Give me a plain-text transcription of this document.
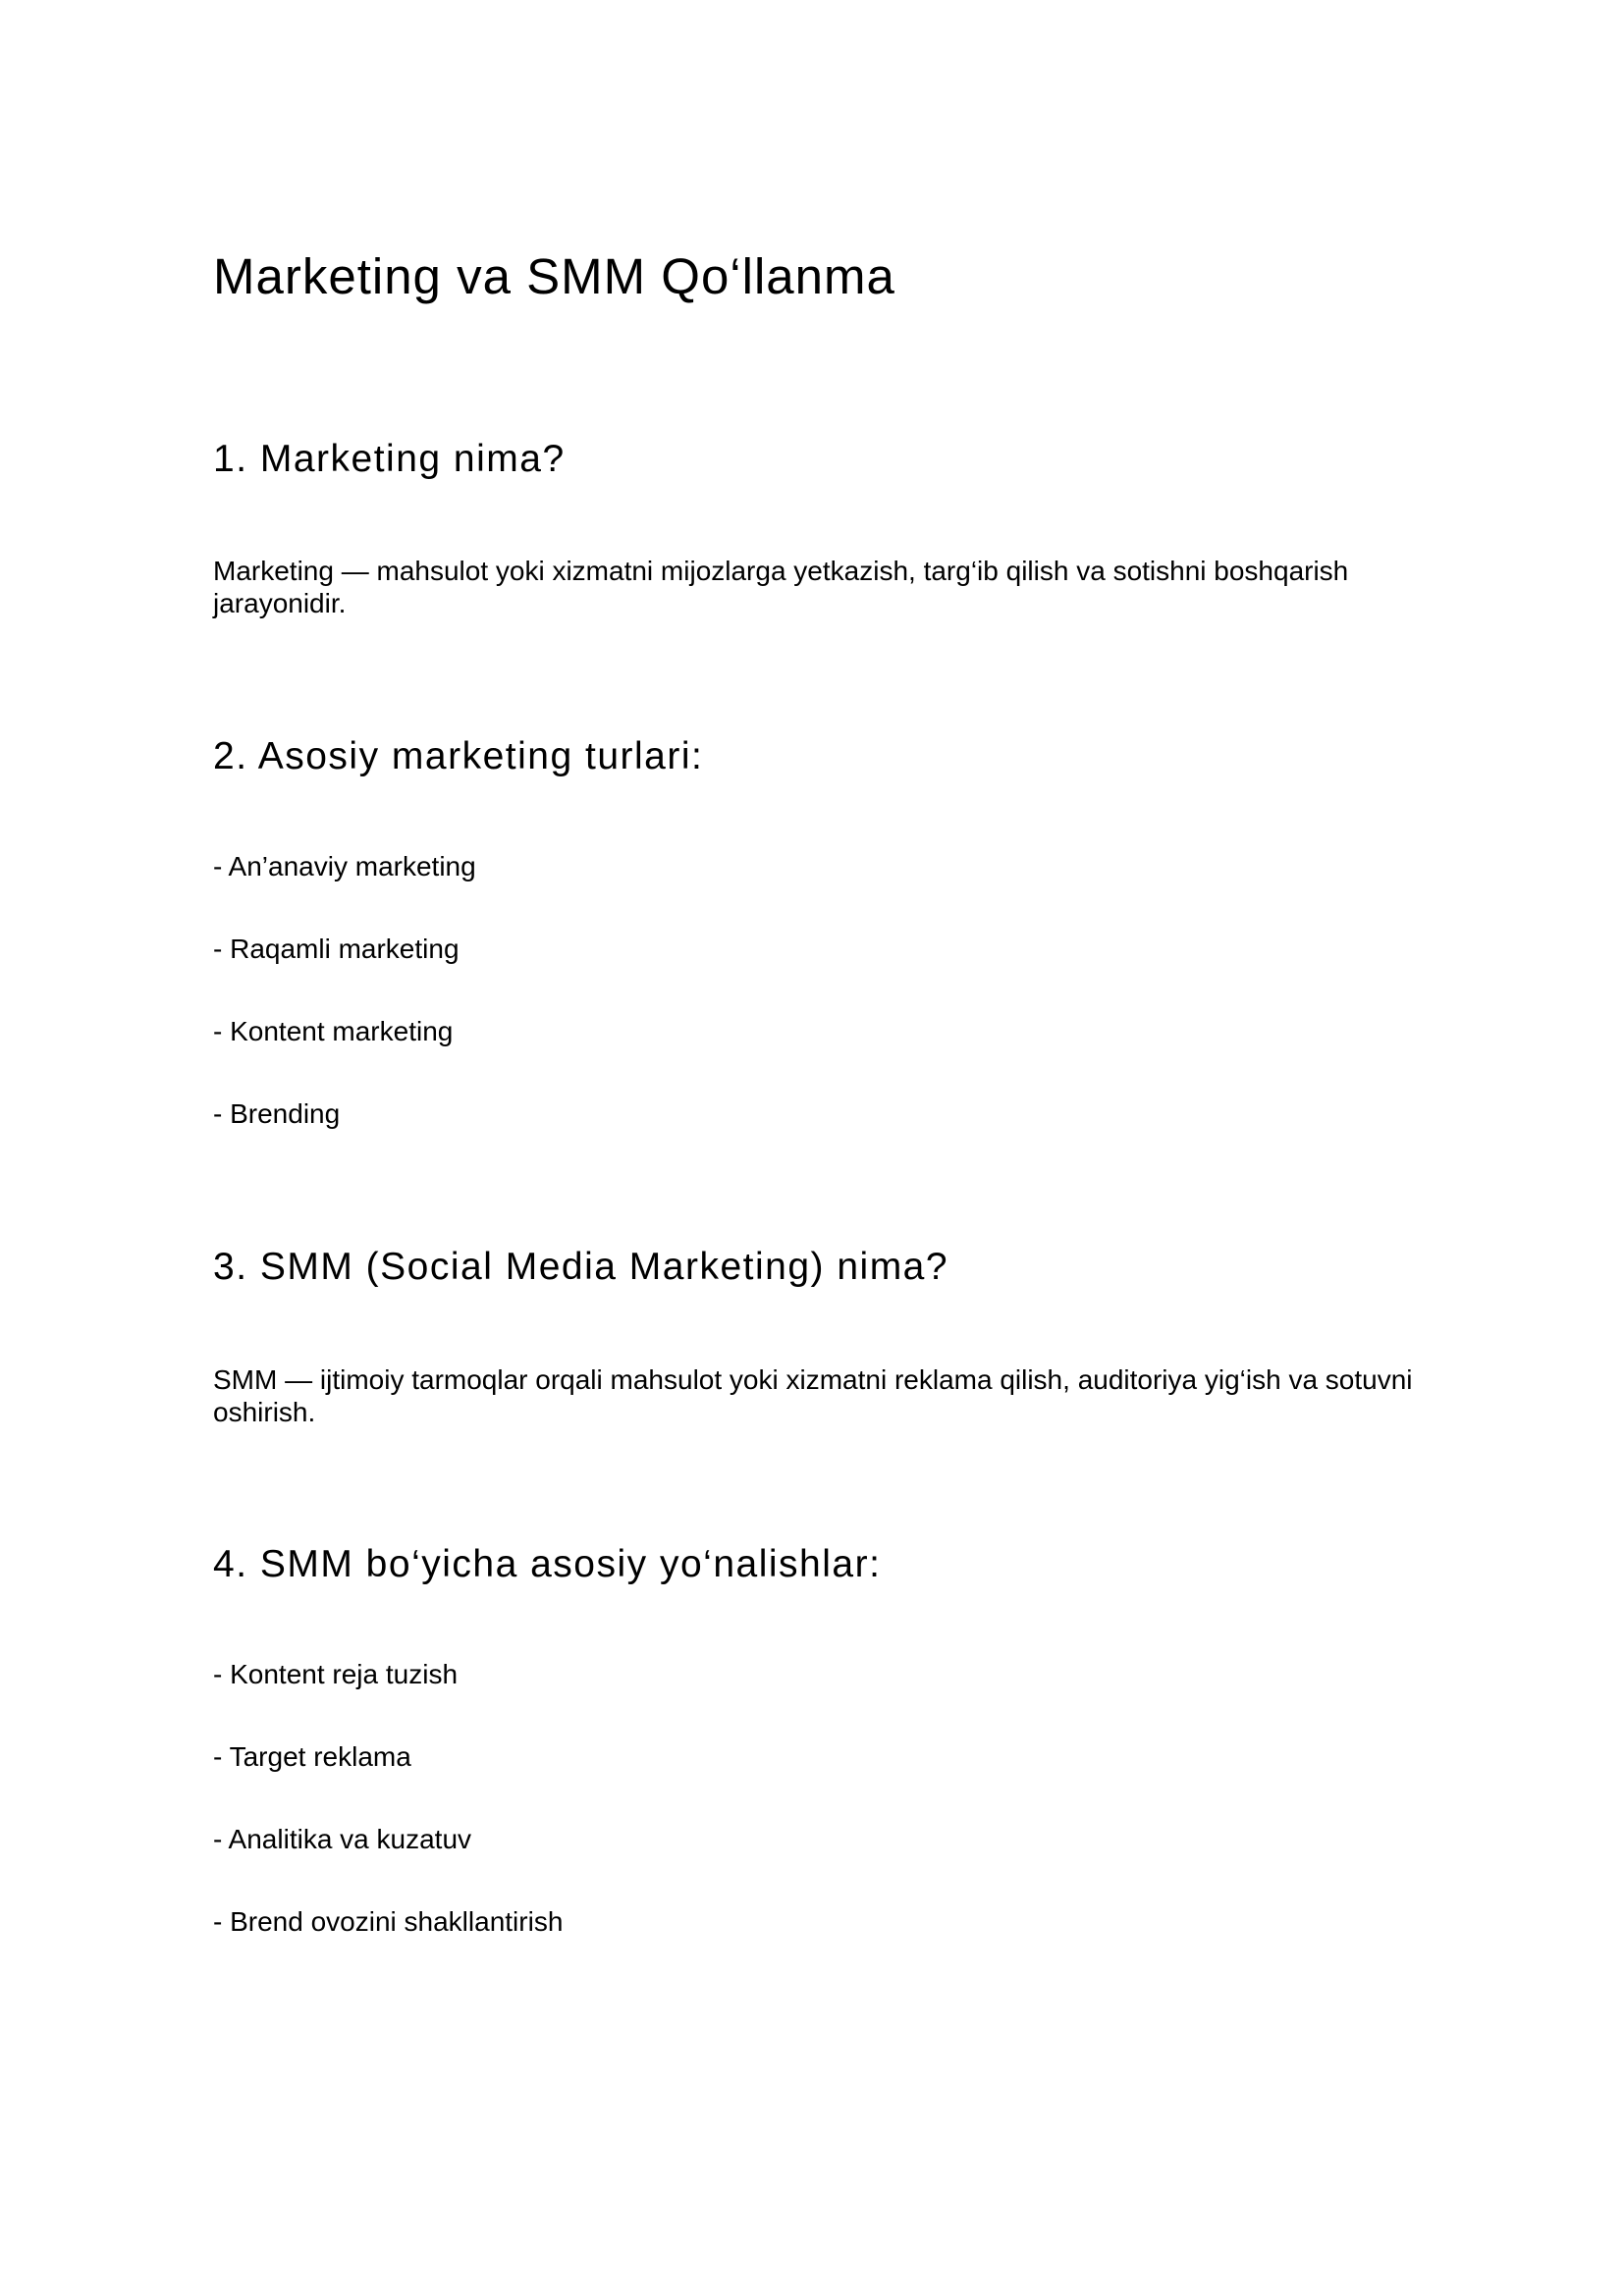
Marketing va SMM Qo‘llanma
1. Marketing nima?

Marketing — mahsulot yoki xizmatni mijozlarga yetkazish, targ‘ib qilish va sotishni boshqarish jarayonidir.

2. Asosiy marketing turlari:

- An’anaviy marketing

- Raqamli marketing

- Kontent marketing

- Brending

3. SMM (Social Media Marketing) nima?

SMM — ijtimoiy tarmoqlar orqali mahsulot yoki xizmatni reklama qilish, auditoriya yig‘ish va sotuvni oshirish.

4. SMM bo‘yicha asosiy yo‘nalishlar:

- Kontent reja tuzish

- Target reklama

- Analitika va kuzatuv

- Brend ovozini shakllantirish
